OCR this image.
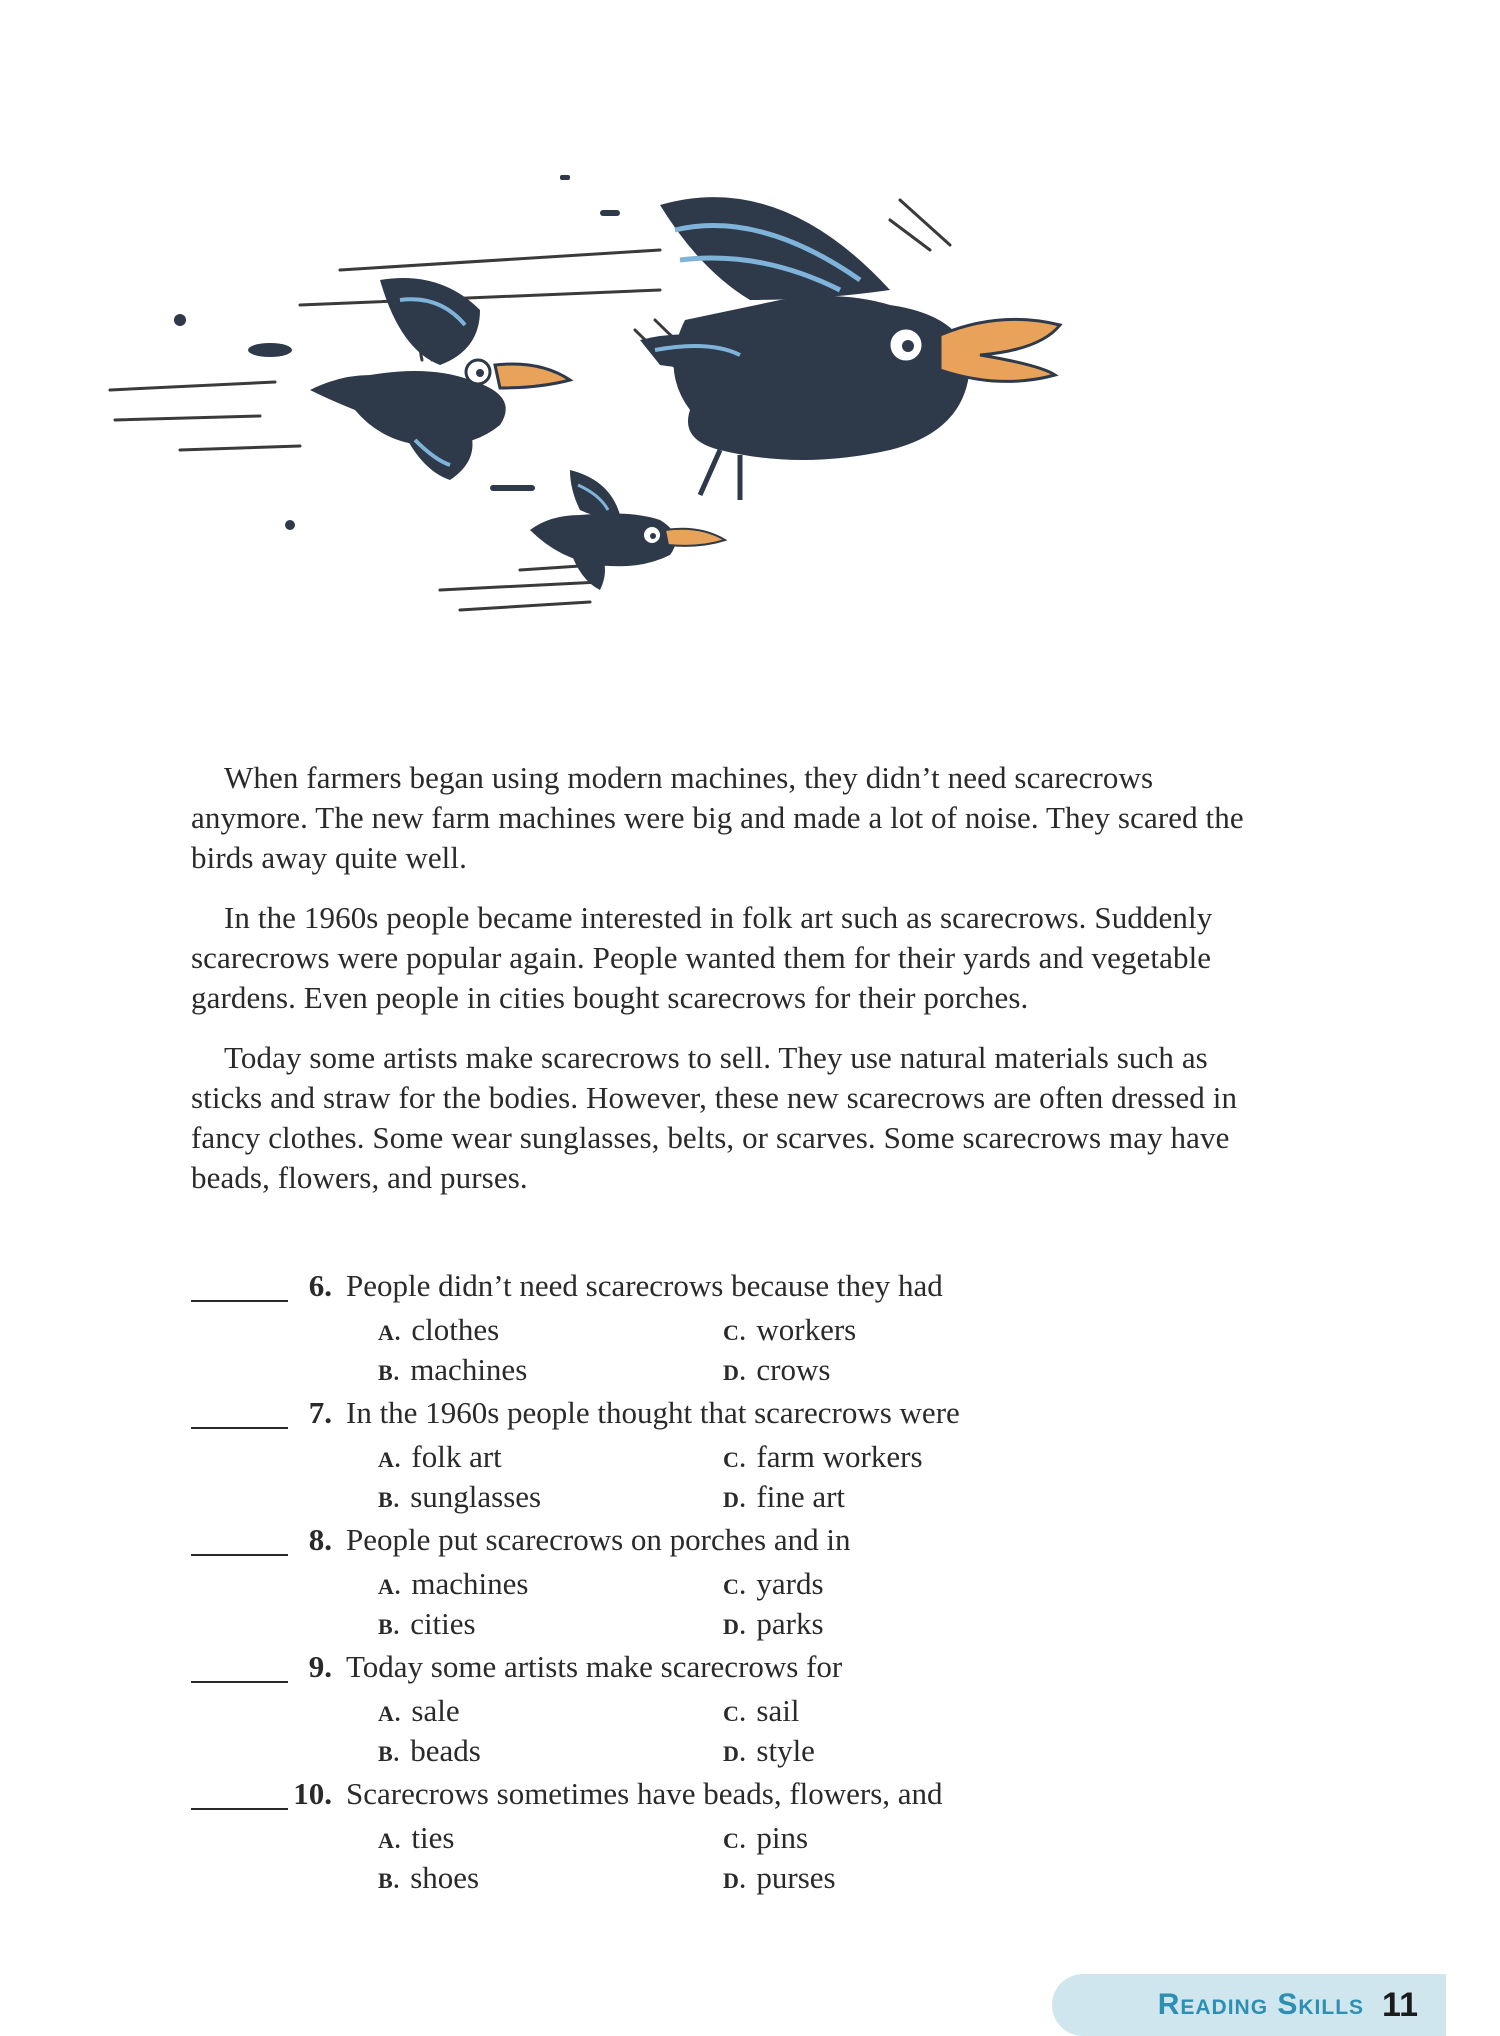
When farmers began using modern machines, they didn’t need scarecrows anymore. The new farm machines were big and made a lot of noise. They scared the birds away quite well.

In the 1960s people became interested in folk art such as scarecrows. Suddenly scarecrows were popular again. People wanted them for their yards and vegetable gardens. Even people in cities bought scarecrows for their porches.

Today some artists make scarecrows to sell. They use natural materials such as sticks and straw for the bodies. However, these new scarecrows are often dressed in fancy clothes. Some wear sunglasses, belts, or scarves. Some scarecrows may have beads, flowers, and purses.

6. People didn’t need scarecrows because they had
A. clothes	C. workers
B. machines	D. crows
7. In the 1960s people thought that scarecrows were
A. folk art	C. farm workers
B. sunglasses	D. fine art
8. People put scarecrows on porches and in
A. machines	C. yards
B. cities	D. parks
9. Today some artists make scarecrows for
A. sale	C. sail
B. beads	D. style
10. Scarecrows sometimes have beads, flowers, and
A. ties	C. pins
B. shoes	D. purses
Reading Skills 11
